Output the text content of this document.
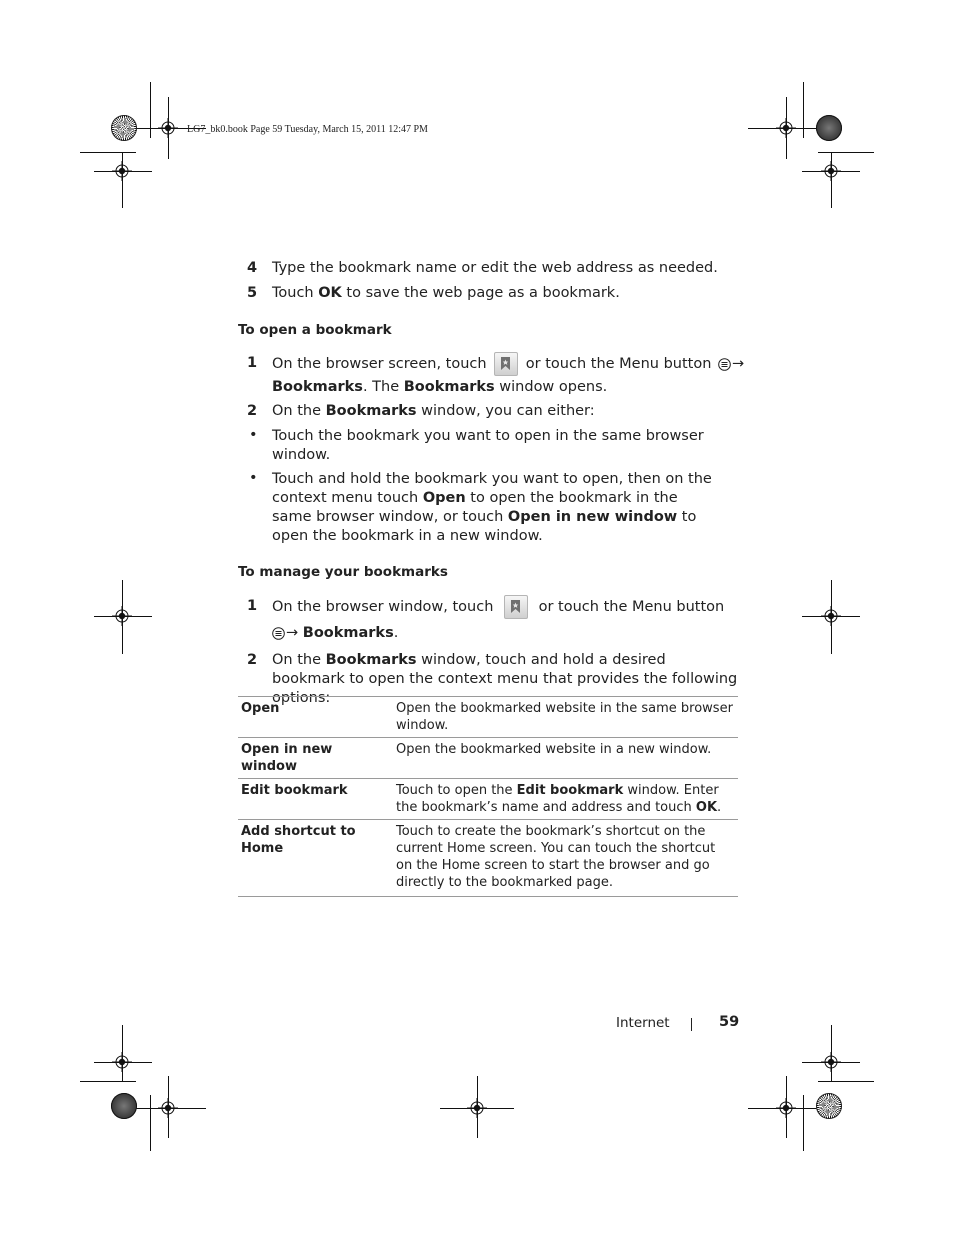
LG7_bk0.book Page 59 Tuesday, March 15, 2011 12:47 PM
4 Type the bookmark name or edit the web address as needed.
5 Touch OK to save the web page as a bookmark.
To open a bookmark
1 On the browser screen, touch	or touch the Menu button →
Bookmarks. The Bookmarks window opens.
2 On the Bookmarks window, you can either:
• Touch the bookmark you want to open in the same browser window.
• Touch and hold the bookmark you want to open, then on the context menu touch Open to open the bookmark in the same browser window, or touch Open in new window to open the bookmark in a new window.
To manage your bookmarks
1 On the browser window, touch	or touch the Menu button
→ Bookmarks.
2 On the Bookmarks window, touch and hold a desired bookmark to open the context menu that provides the following options:
Open	Open the bookmarked website in the same browser window.
Open in new window	Open the bookmarked website in a new window.
Edit bookmark	Touch to open the Edit bookmark window. Enter the bookmark’s name and address and touch OK.
Add shortcut to Home	Touch to create the bookmark’s shortcut on the current Home screen. You can touch the shortcut on the Home screen to start the browser and go directly to the bookmarked page.
Internet	59
